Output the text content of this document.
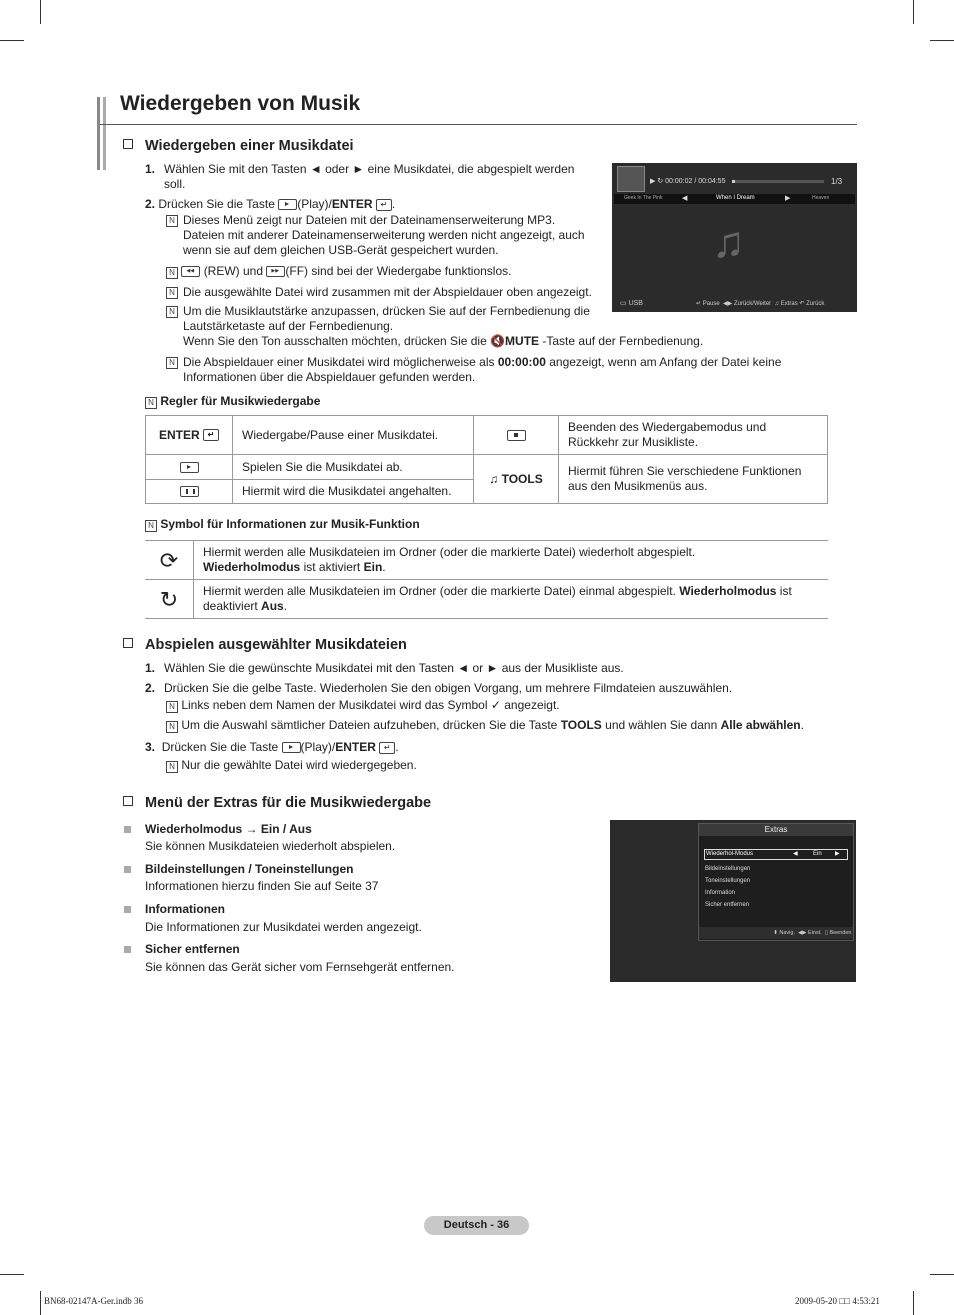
Wiedergeben von Musik
Wiedergeben einer Musikdatei
1. Wählen Sie mit den Tasten ◄ oder ► eine Musikdatei, die abgespielt werden soll.
2. Drücken Sie die Taste (Play)/ENTER ↵ .
N Dieses Menü zeigt nur Dateien mit der Dateinamenserweiterung MP3. Dateien mit anderer Dateinamenserweiterung werden nicht angezeigt, auch wenn sie auf dem gleichen USB-Gerät gespeichert wurden.
N ◀◀ (REW) und ▶▶ (FF) sind bei der Wiedergabe funktionslos.
N Die ausgewählte Datei wird zusammen mit der Abspieldauer oben angezeigt.
N Um die Musiklautstärke anzupassen, drücken Sie auf der Fernbedienung die Lautstärketaste auf der Fernbedienung.
Wenn Sie den Ton ausschalten möchten, drücken Sie die 🔇MUTE -Taste auf der Fernbedienung.
N Die Abspieldauer einer Musikdatei wird möglicherweise als 00:00:00 angezeigt, wenn am Anfang der Datei keine Informationen über die Abspieldauer gefunden werden.
▶ ↻ 00:00:02 / 00:04:55	1/3
Geek In The Pink	◀	When I Dream	▶	Heaven
♫
▭ USB	↵ Pause  ◀▶ Zurück/Weiter  ♫ Extras ↶ Zurück
N Regler für Musikwiedergabe
ENTER ↵	Wiedergabe/Pause einer Musikdatei.		Beenden des Wiedergabemodus und Rückkehr zur Musikliste.
	Spielen Sie die Musikdatei ab.	♫ TOOLS	Hiermit führen Sie verschiedene Funktionen aus den Musikmenüs aus.
	Hiermit wird die Musikdatei angehalten.		
N Symbol für Informationen zur Musik-Funktion
⟳	Hiermit werden alle Musikdateien im Ordner (oder die markierte Datei) wiederholt abgespielt.
Wiederholmodus ist aktiviert Ein.
↻	Hiermit werden alle Musikdateien im Ordner (oder die markierte Datei) einmal abgespielt. Wiederholmodus ist deaktiviert Aus.
Abspielen ausgewählter Musikdateien
1. Wählen Sie die gewünschte Musikdatei mit den Tasten ◄ or ► aus der Musikliste aus.
2. Drücken Sie die gelbe Taste. Wiederholen Sie den obigen Vorgang, um mehrere Filmdateien auszuwählen.
N Links neben dem Namen der Musikdatei wird das Symbol ✓ angezeigt.
N Um die Auswahl sämtlicher Dateien aufzuheben, drücken Sie die Taste TOOLS und wählen Sie dann Alle abwählen.
3. Drücken Sie die Taste (Play)/ENTER ↵ .
N Nur die gewählte Datei wird wiedergegeben.
Menü der Extras für die Musikwiedergabe
Wiederholmodus → Ein / Aus
Sie können Musikdateien wiederholt abspielen.
Bildeinstellungen / Toneinstellungen
Informationen hierzu finden Sie auf Seite 37
Informationen
Die Informationen zur Musikdatei werden angezeigt.
Sicher entfernen
Sie können das Gerät sicher vom Fernsehgerät entfernen.
Extras
Wiederhol-Modus	◀	Ein ▶
Bildeinstellungen
Toneinstellungen
Information
Sicher entfernen
⬍ Navig.  ◀▶ Einst.  ▯ Beenden
Deutsch - 36
BN68-02147A-Ger.indb 36	2009-05-20 □□ 4:53:21
